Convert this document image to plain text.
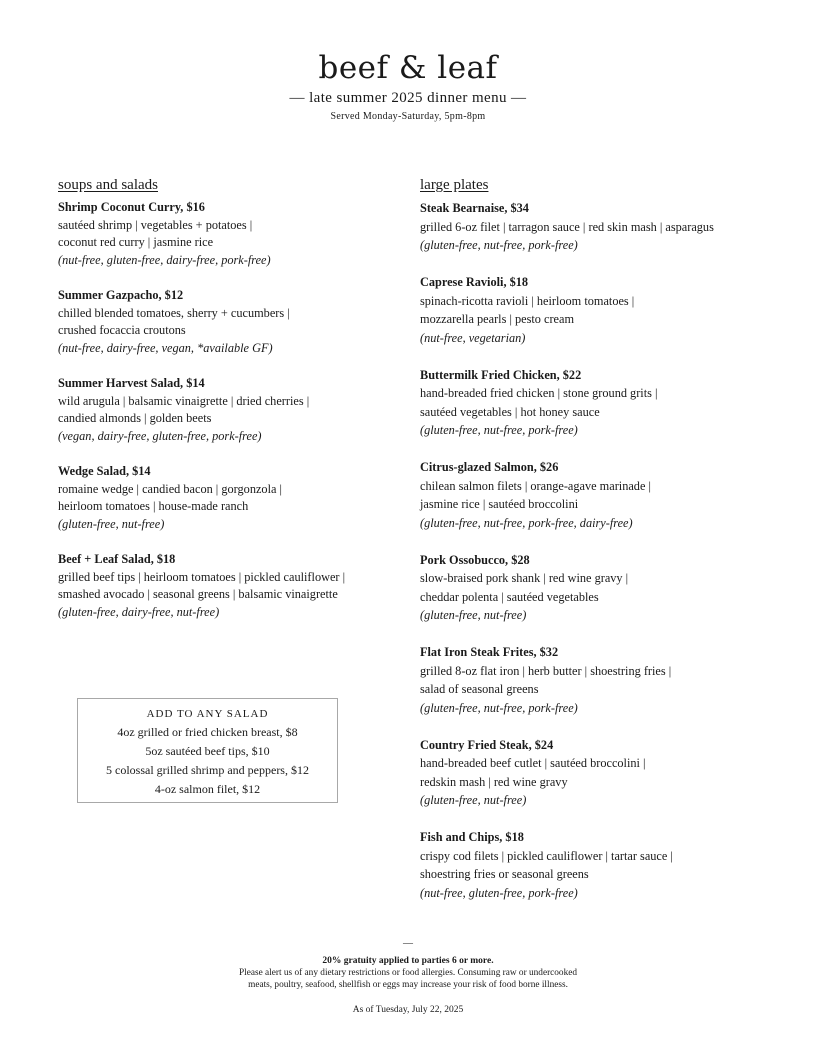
beef & leaf
— late summer 2025 dinner menu —
Served Monday-Saturday, 5pm-8pm
soups and salads
Shrimp Coconut Curry, $16
sautéed shrimp | vegetables + potatoes |
coconut red curry | jasmine rice
(nut-free, gluten-free, dairy-free, pork-free)
Summer Gazpacho, $12
chilled blended tomatoes, sherry + cucumbers |
crushed focaccia croutons
(nut-free, dairy-free, vegan, *available GF)
Summer Harvest Salad, $14
wild arugula | balsamic vinaigrette | dried cherries |
candied almonds | golden beets
(vegan, dairy-free, gluten-free, pork-free)
Wedge Salad, $14
romaine wedge | candied bacon | gorgonzola |
heirloom tomatoes | house-made ranch
(gluten-free, nut-free)
Beef + Leaf Salad, $18
grilled beef tips | heirloom tomatoes | pickled cauliflower |
smashed avocado | seasonal greens | balsamic vinaigrette
(gluten-free, dairy-free, nut-free)
large plates
Steak Bearnaise, $34
grilled 6-oz filet | tarragon sauce | red skin mash | asparagus
(gluten-free, nut-free, pork-free)
Caprese Ravioli, $18
spinach-ricotta ravioli | heirloom tomatoes |
mozzarella pearls | pesto cream
(nut-free, vegetarian)
Buttermilk Fried Chicken, $22
hand-breaded fried chicken | stone ground grits |
sautéed vegetables | hot honey sauce
(gluten-free, nut-free, pork-free)
Citrus-glazed Salmon, $26
chilean salmon filets | orange-agave marinade |
jasmine rice | sautéed broccolini
(gluten-free, nut-free, pork-free, dairy-free)
Pork Ossobucco, $28
slow-braised pork shank | red wine gravy |
cheddar polenta | sautéed vegetables
(gluten-free, nut-free)
Flat Iron Steak Frites, $32
grilled 8-oz flat iron | herb butter | shoestring fries |
salad of seasonal greens
(gluten-free, nut-free, pork-free)
Country Fried Steak, $24
hand-breaded beef cutlet | sautéed broccolini |
redskin mash | red wine gravy
(gluten-free, nut-free)
Fish and Chips, $18
crispy cod filets | pickled cauliflower | tartar sauce |
shoestring fries or seasonal greens
(nut-free, gluten-free, pork-free)
ADD TO ANY SALAD
4oz grilled or fried chicken breast, $8
5oz sautéed beef tips, $10
5 colossal grilled shrimp and peppers, $12
4-oz salmon filet, $12
—
20% gratuity applied to parties 6 or more.
Please alert us of any dietary restrictions or food allergies. Consuming raw or undercooked
meats, poultry, seafood, shellfish or eggs may increase your risk of food borne illness.
As of Tuesday, July 22, 2025
